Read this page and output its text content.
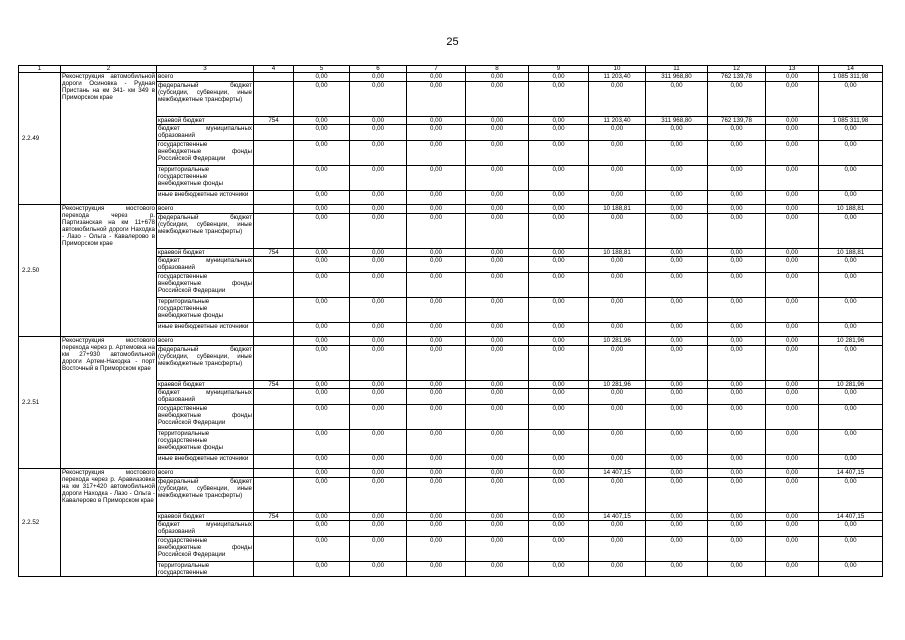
25
1	2	3	4	5	6	7	8	9	10	11	12	13	14
2.2.49	Реконструкция автомобильной дороги Осиновка - Рудная Пристань на км 341- км 349 в Приморском крае	всего		0,00	0,00	0,00	0,00	0,00	11 203,40	311 968,80	762 139,78	0,00	1 085 311,98
		федеральный бюджет (субсидии, субвенции, иные межбюджетные трансферты)		0,00	0,00	0,00	0,00	0,00	0,00	0,00	0,00	0,00	0,00
		краевой бюджет	754	0,00	0,00	0,00	0,00	0,00	11 203,40	311 968,80	762 139,78	0,00	1 085 311,98
		бюджет муниципальных образований		0,00	0,00	0,00	0,00	0,00	0,00	0,00	0,00	0,00	0,00
		государственные внебюджетные фонды Российской Федерации		0,00	0,00	0,00	0,00	0,00	0,00	0,00	0,00	0,00	0,00
		территориальные государственные внебюджетные фонды		0,00	0,00	0,00	0,00	0,00	0,00	0,00	0,00	0,00	0,00
		иные внебюджетные источники		0,00	0,00	0,00	0,00	0,00	0,00	0,00	0,00	0,00	0,00
2.2.50	Реконструкция мостового перехода через р. Партизанская на км 11+678 автомобильной дороги Находка - Лазо - Ольга - Кавалерово в Приморском крае	всего		0,00	0,00	0,00	0,00	0,00	10 188,81	0,00	0,00	0,00	10 188,81
		федеральный бюджет (субсидии, субвенции, иные межбюджетные трансферты)		0,00	0,00	0,00	0,00	0,00	0,00	0,00	0,00	0,00	0,00
		краевой бюджет	754	0,00	0,00	0,00	0,00	0,00	10 188,81	0,00	0,00	0,00	10 188,81
		бюджет муниципальных образований		0,00	0,00	0,00	0,00	0,00	0,00	0,00	0,00	0,00	0,00
		государственные внебюджетные фонды Российской Федерации		0,00	0,00	0,00	0,00	0,00	0,00	0,00	0,00	0,00	0,00
		территориальные государственные внебюджетные фонды		0,00	0,00	0,00	0,00	0,00	0,00	0,00	0,00	0,00	0,00
		иные внебюджетные источники		0,00	0,00	0,00	0,00	0,00	0,00	0,00	0,00	0,00	0,00
2.2.51	Реконструкция мостового перехода через р. Артемовка на км 27+930 автомобильной дороги Артем-Находка - порт Восточный в Приморском крае	всего		0,00	0,00	0,00	0,00	0,00	10 281,96	0,00	0,00	0,00	10 281,96
		федеральный бюджет (субсидии, субвенции, иные межбюджетные трансферты)		0,00	0,00	0,00	0,00	0,00	0,00	0,00	0,00	0,00	0,00
		краевой бюджет	754	0,00	0,00	0,00	0,00	0,00	10 281,96	0,00	0,00	0,00	10 281,96
		бюджет муниципальных образований		0,00	0,00	0,00	0,00	0,00	0,00	0,00	0,00	0,00	0,00
		государственные внебюджетные фонды Российской Федерации		0,00	0,00	0,00	0,00	0,00	0,00	0,00	0,00	0,00	0,00
		территориальные государственные внебюджетные фонды		0,00	0,00	0,00	0,00	0,00	0,00	0,00	0,00	0,00	0,00
		иные внебюджетные источники		0,00	0,00	0,00	0,00	0,00	0,00	0,00	0,00	0,00	0,00
2.2.52	Реконструкция мостового перехода через р. Аравиазовка на км 317+420 автомобильной дороги Находка - Лазо - Ольга - Кавалерово в Приморском крае	всего		0,00	0,00	0,00	0,00	0,00	14 407,15	0,00	0,00	0,00	14 407,15
		федеральный бюджет (субсидии, субвенции, иные межбюджетные трансферты)		0,00	0,00	0,00	0,00	0,00	0,00	0,00	0,00	0,00	0,00
		краевой бюджет	754	0,00	0,00	0,00	0,00	0,00	14 407,15	0,00	0,00	0,00	14 407,15
		бюджет муниципальных образований		0,00	0,00	0,00	0,00	0,00	0,00	0,00	0,00	0,00	0,00
		государственные внебюджетные фонды Российской Федерации		0,00	0,00	0,00	0,00	0,00	0,00	0,00	0,00	0,00	0,00
		территориальные государственные		0,00	0,00	0,00	0,00	0,00	0,00	0,00	0,00	0,00	0,00
